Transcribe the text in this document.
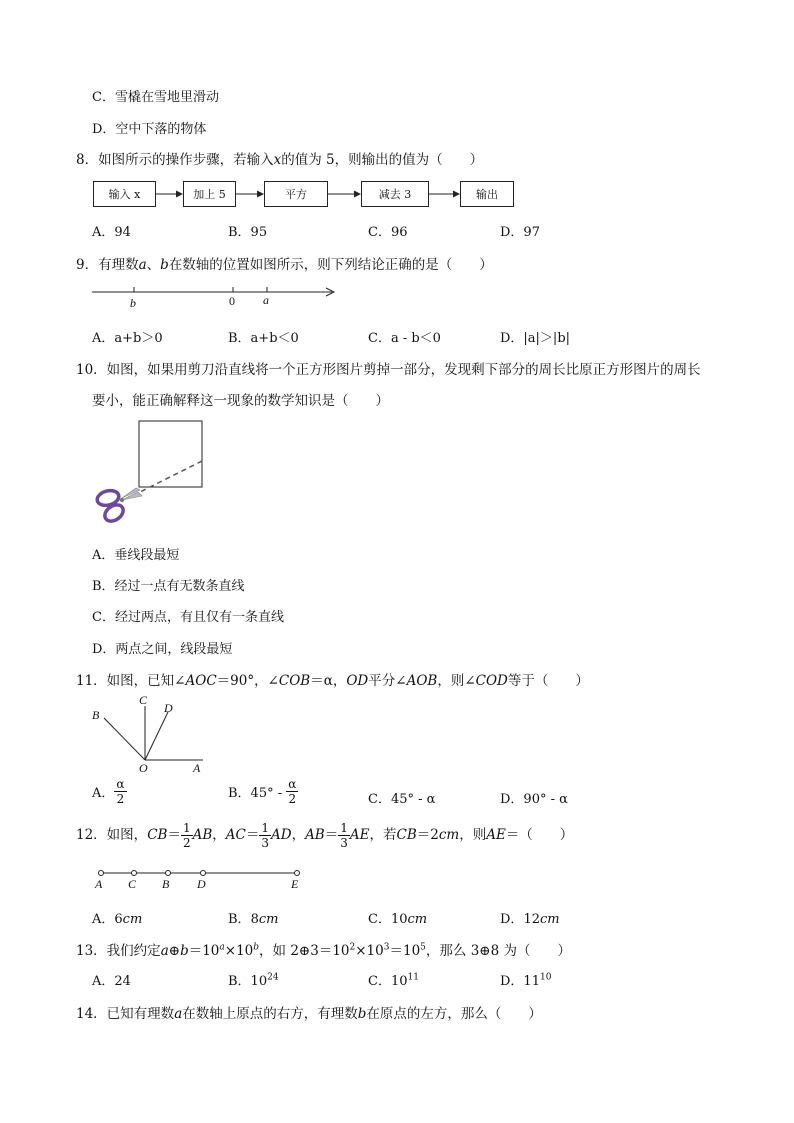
C．雪橇在雪地里滑动
D．空中下落的物体
8．如图所示的操作步骤，若输入x的值为 5，则输出的值为（　　）
输入 x	加上 5	平方	减去 3	输出
A．94	B．95	C．96	D．97
9．有理数a、b在数轴的位置如图所示，则下列结论正确的是（　　）
b	0 a
A．a+b＞0	B．a+b＜0	C．a - b＜0	D．|a|＞|b|
10．如图，如果用剪刀沿直线将一个正方形图片剪掉一部分，发现剩下部分的周长比原正方形图片的周长
要小，能正确解释这一现象的数学知识是（　　）
A．垂线段最短
B．经过一点有无数条直线
C．经过两点，有且仅有一条直线
D．两点之间，线段最短
11．如图，已知∠AOC＝90°，∠COB＝α，OD平分∠AOB，则∠COD等于（　　）
B
C
D
O	A
A． $\frac{\alpha}{2}$	B．$45^\circ - \frac{\alpha}{2}$	C．45° - α	D．90° - α
12．如图，$CB= \frac{1}{2}$ AB，$AC= \frac{1}{3}$ AD，$AB= \frac{1}{3}$ AE，若CB＝2cm，则AE＝（　　）
A C B D	E
A．6cm	B．8cm	C．10cm	D．12cm
13．我们约定$a\oplus b=10^a\times 10^b$，如 $2\oplus 3=10^2\times 10^3=10^5$，那么 3⊕8 为（　　）
A．24	B．$10^{24}$	C．$10^{11}$	D．$11^{10}$
14．已知有理数a在数轴上原点的右方，有理数b在原点的左方，那么（　　）
